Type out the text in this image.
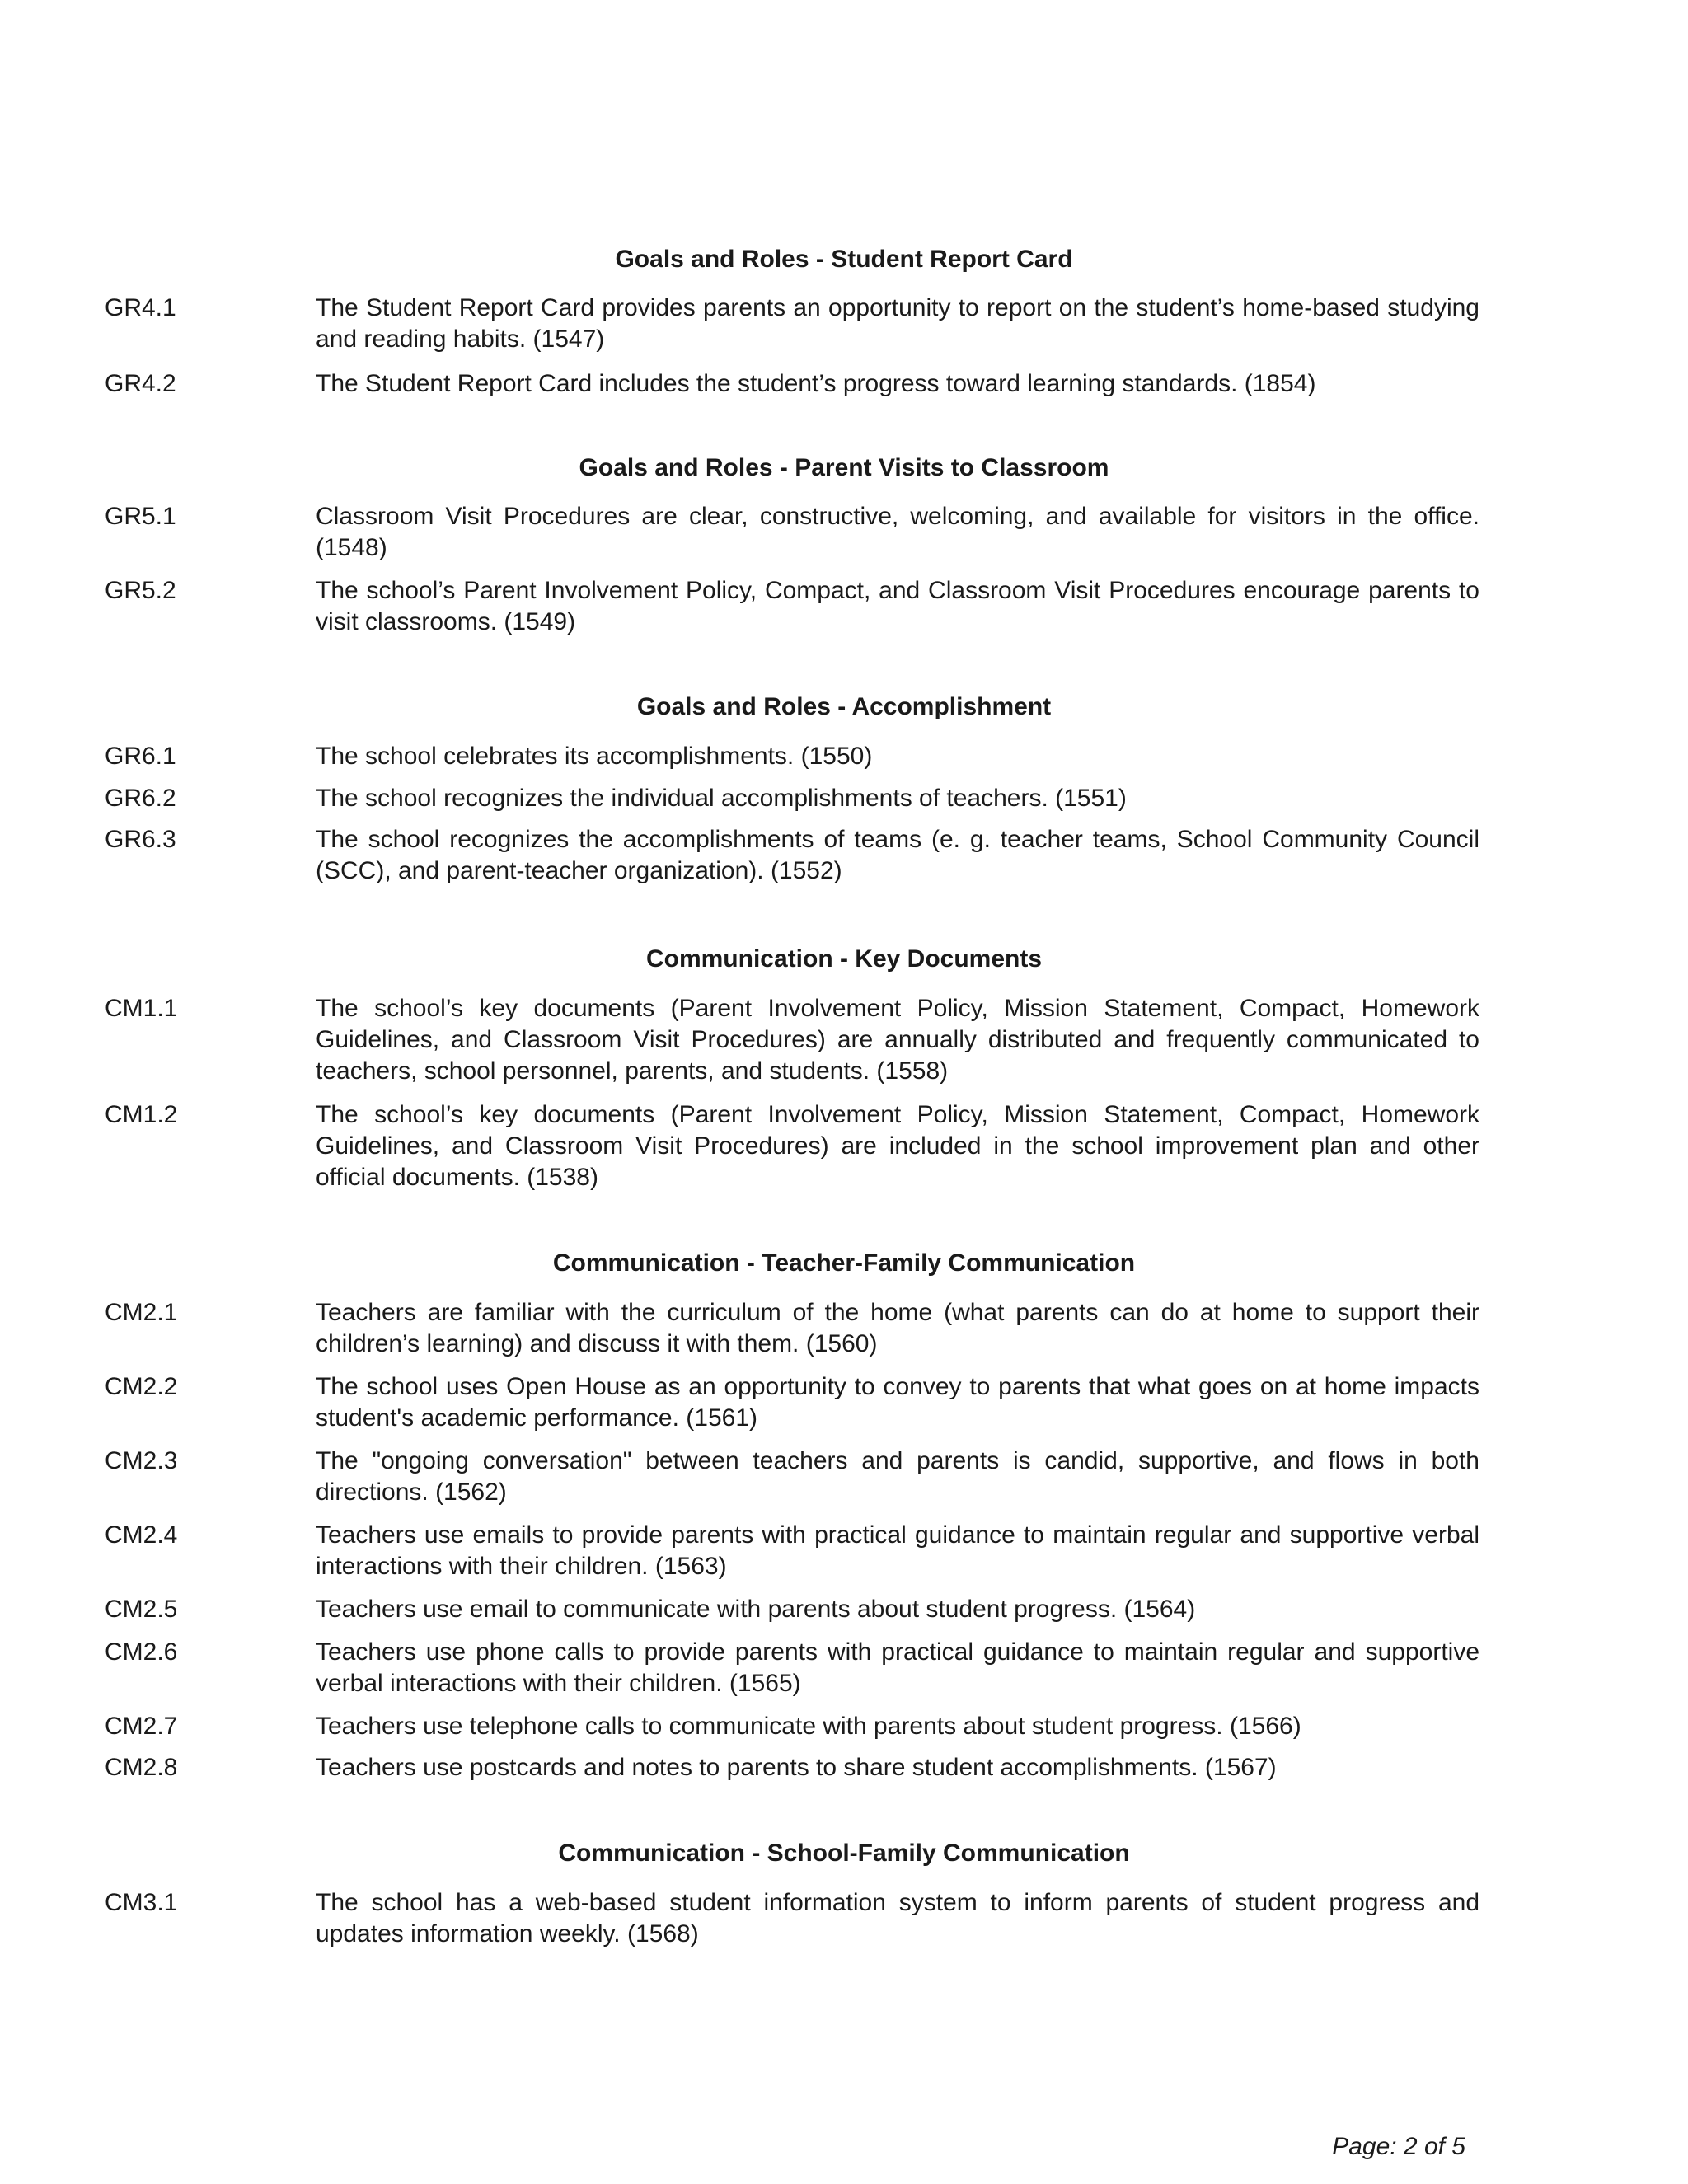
Goals and Roles - Student Report Card
GR4.1	The Student Report Card provides parents an opportunity to report on the student’s home-based studying and reading habits. (1547)
GR4.2	The Student Report Card includes the student’s progress toward learning standards. (1854)
Goals and Roles - Parent Visits to Classroom
GR5.1	Classroom Visit Procedures are clear, constructive, welcoming, and available for visitors in the office. (1548)
GR5.2	The school’s Parent Involvement Policy, Compact, and Classroom Visit Procedures encourage parents to visit classrooms. (1549)
Goals and Roles - Accomplishment
GR6.1	The school celebrates its accomplishments. (1550)
GR6.2	The school recognizes the individual accomplishments of teachers. (1551)
GR6.3	The school recognizes the accomplishments of teams (e. g. teacher teams, School Community Council (SCC), and parent-teacher organization). (1552)
Communication - Key Documents
CM1.1	The school’s key documents (Parent Involvement Policy, Mission Statement, Compact, Homework Guidelines, and Classroom Visit Procedures) are annually distributed and frequently communicated to teachers, school personnel, parents, and students. (1558)
CM1.2	The school’s key documents (Parent Involvement Policy, Mission Statement, Compact, Homework Guidelines, and Classroom Visit Procedures) are included in the school improvement plan and other official documents. (1538)
Communication - Teacher-Family Communication
CM2.1	Teachers are familiar with the curriculum of the home (what parents can do at home to support their children’s learning) and discuss it with them. (1560)
CM2.2	The school uses Open House as an opportunity to convey to parents that what goes on at home impacts student's academic performance. (1561)
CM2.3	The "ongoing conversation" between teachers and parents is candid, supportive, and flows in both directions. (1562)
CM2.4	Teachers use emails to provide parents with practical guidance to maintain regular and supportive verbal interactions with their children. (1563)
CM2.5	Teachers use email to communicate with parents about student progress. (1564)
CM2.6	Teachers use phone calls to provide parents with practical guidance to maintain regular and supportive verbal interactions with their children. (1565)
CM2.7	Teachers use telephone calls to communicate with parents about student progress. (1566)
CM2.8	Teachers use postcards and notes to parents to share student accomplishments. (1567)
Communication - School-Family Communication
CM3.1	The school has a web-based student information system to inform parents of student progress and updates information weekly. (1568)
Page: 2 of 5
